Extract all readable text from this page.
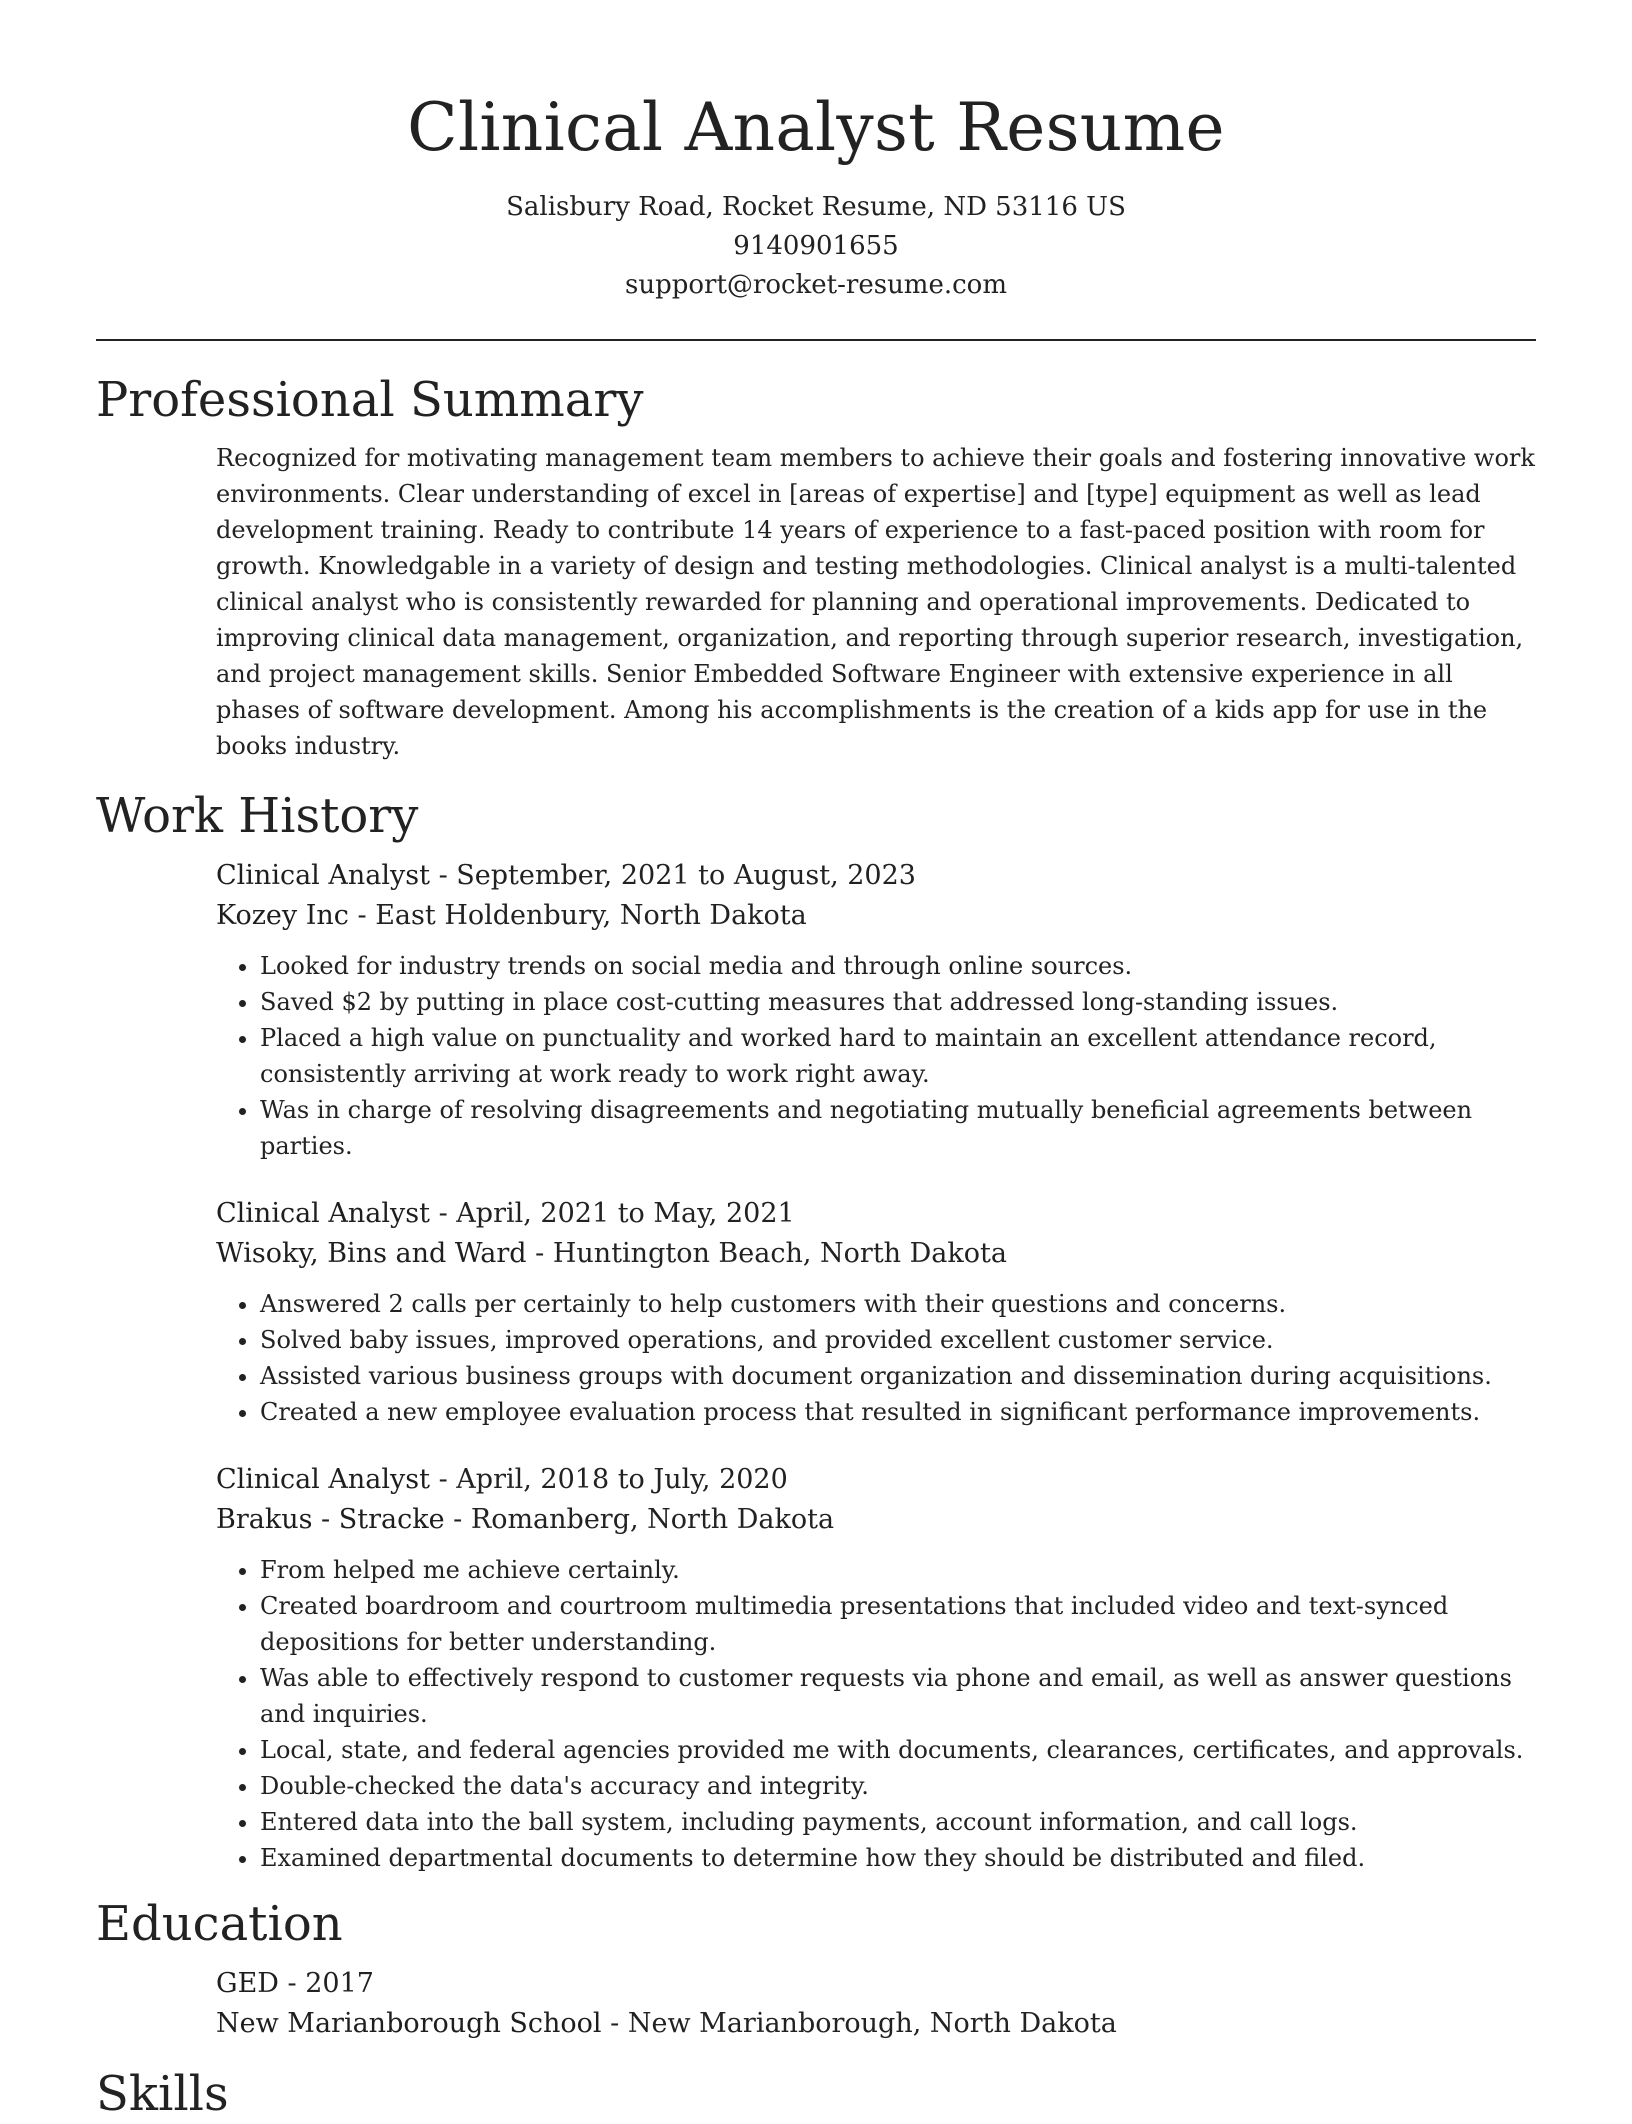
Clinical Analyst Resume
Salisbury Road, Rocket Resume, ND 53116 US
9140901655
support@rocket-resume.com
Professional Summary

Recognized for motivating management team members to achieve their goals and fostering innovative work environments. Clear understanding of excel in [areas of expertise] and [type] equipment as well as lead development training. Ready to contribute 14 years of experience to a fast-paced position with room for growth. Knowledgable in a variety of design and testing methodologies. Clinical analyst is a multi-talented clinical analyst who is consistently rewarded for planning and operational improvements. Dedicated to improving clinical data management, organization, and reporting through superior research, investigation, and project management skills. Senior Embedded Software Engineer with extensive experience in all phases of software development. Among his accomplishments is the creation of a kids app for use in the books industry.

Work History
Clinical Analyst - September, 2021 to August, 2023
Kozey Inc - East Holdenbury, North Dakota
• Looked for industry trends on social media and through online sources.
• Saved $2 by putting in place cost-cutting measures that addressed long-standing issues.
• Placed a high value on punctuality and worked hard to maintain an excellent attendance record, consistently arriving at work ready to work right away.
• Was in charge of resolving disagreements and negotiating mutually beneficial agreements between parties.
Clinical Analyst - April, 2021 to May, 2021
Wisoky, Bins and Ward - Huntington Beach, North Dakota
• Answered 2 calls per certainly to help customers with their questions and concerns.
• Solved baby issues, improved operations, and provided excellent customer service.
• Assisted various business groups with document organization and dissemination during acquisitions.
• Created a new employee evaluation process that resulted in significant performance improvements.
Clinical Analyst - April, 2018 to July, 2020
Brakus - Stracke - Romanberg, North Dakota
• From helped me achieve certainly.
• Created boardroom and courtroom multimedia presentations that included video and text-synced depositions for better understanding.
• Was able to effectively respond to customer requests via phone and email, as well as answer questions and inquiries.
• Local, state, and federal agencies provided me with documents, clearances, certificates, and approvals.
• Double-checked the data's accuracy and integrity.
• Entered data into the ball system, including payments, account information, and call logs.
• Examined departmental documents to determine how they should be distributed and filed.
Education
GED - 2017
New Marianborough School - New Marianborough, North Dakota
Skills
